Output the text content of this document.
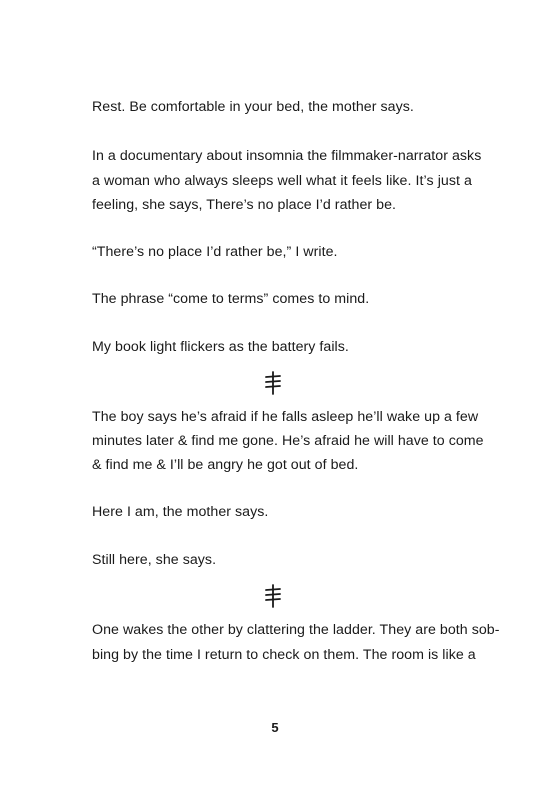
Rest. Be comfortable in your bed, the mother says.
In a documentary about insomnia the filmmaker-narrator asks
a woman who always sleeps well what it feels like. It’s just a
feeling, she says, There’s no place I’d rather be.
“There’s no place I’d rather be,” I write.
The phrase “come to terms” comes to mind.
My book light flickers as the battery fails.
The boy says he’s afraid if he falls asleep he’ll wake up a few
minutes later & find me gone. He’s afraid he will have to come
& find me & I’ll be angry he got out of bed.
Here I am, the mother says.
Still here, she says.
One wakes the other by clattering the ladder. They are both sob-
bing by the time I return to check on them. The room is like a
5
